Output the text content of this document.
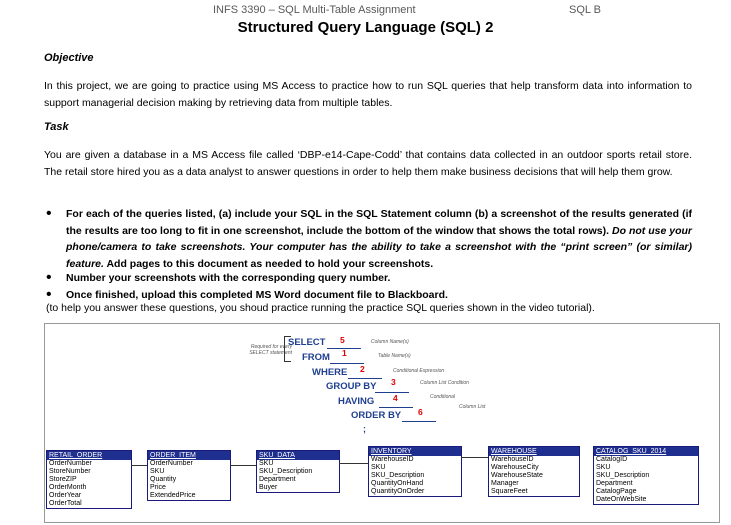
INFS 3390 – SQL Multi-Table Assignment	SQL B
Structured Query Language (SQL) 2
Objective
In this project, we are going to practice using MS Access to practice how to run SQL queries that help transform data into information to support managerial decision making by retrieving data from multiple tables.
Task
You are given a database in a MS Access file called ‘DBP-e14-Cape-Codd’ that contains data collected in an outdoor sports retail store. The retail store hired you as a data analyst to answer questions in order to help them make business decisions that will help them grow.
• For each of the queries listed, (a) include your SQL in the SQL Statement column (b) a screenshot of the results generated (if the results are too long to fit in one screenshot, include the bottom of the window that shows the total rows). Do not use your phone/camera to take screenshots. Your computer has the ability to take a screenshot with the “print screen” (or similar) feature. Add pages to this document as needed to hold your screenshots.
• Number your screenshots with the corresponding query number.
• Once finished, upload this completed MS Word document file to Blackboard.
(to help you answer these questions, you shoud practice running the practice SQL queries shown in the video tutorial).
Required for every SELECT statement
SELECT 5	Column Name(s)
FROM 1	Table Name(s)
WHERE 2	Conditional Expression
GROUP BY 3	Column List Condition
HAVING 4	Conditional
ORDER BY 6	Column List
;
RETAIL_ORDER
OrderNumber
StoreNumber
StoreZIP
OrderMonth
OrderYear
OrderTotal
ORDER_ITEM
OrderNumber
SKU
Quantity
Price
ExtendedPrice
SKU_DATA
SKU
SKU_Description
Department
Buyer
INVENTORY
WarehouseID
SKU
SKU_Description
QuantityOnHand
QuantityOnOrder
WAREHOUSE
WarehouseID
WarehouseCity
WarehouseState
Manager
SquareFeet
CATALOG_SKU_2014
CatalogID
SKU
SKU_Description
Department
CatalogPage
DateOnWebSite
